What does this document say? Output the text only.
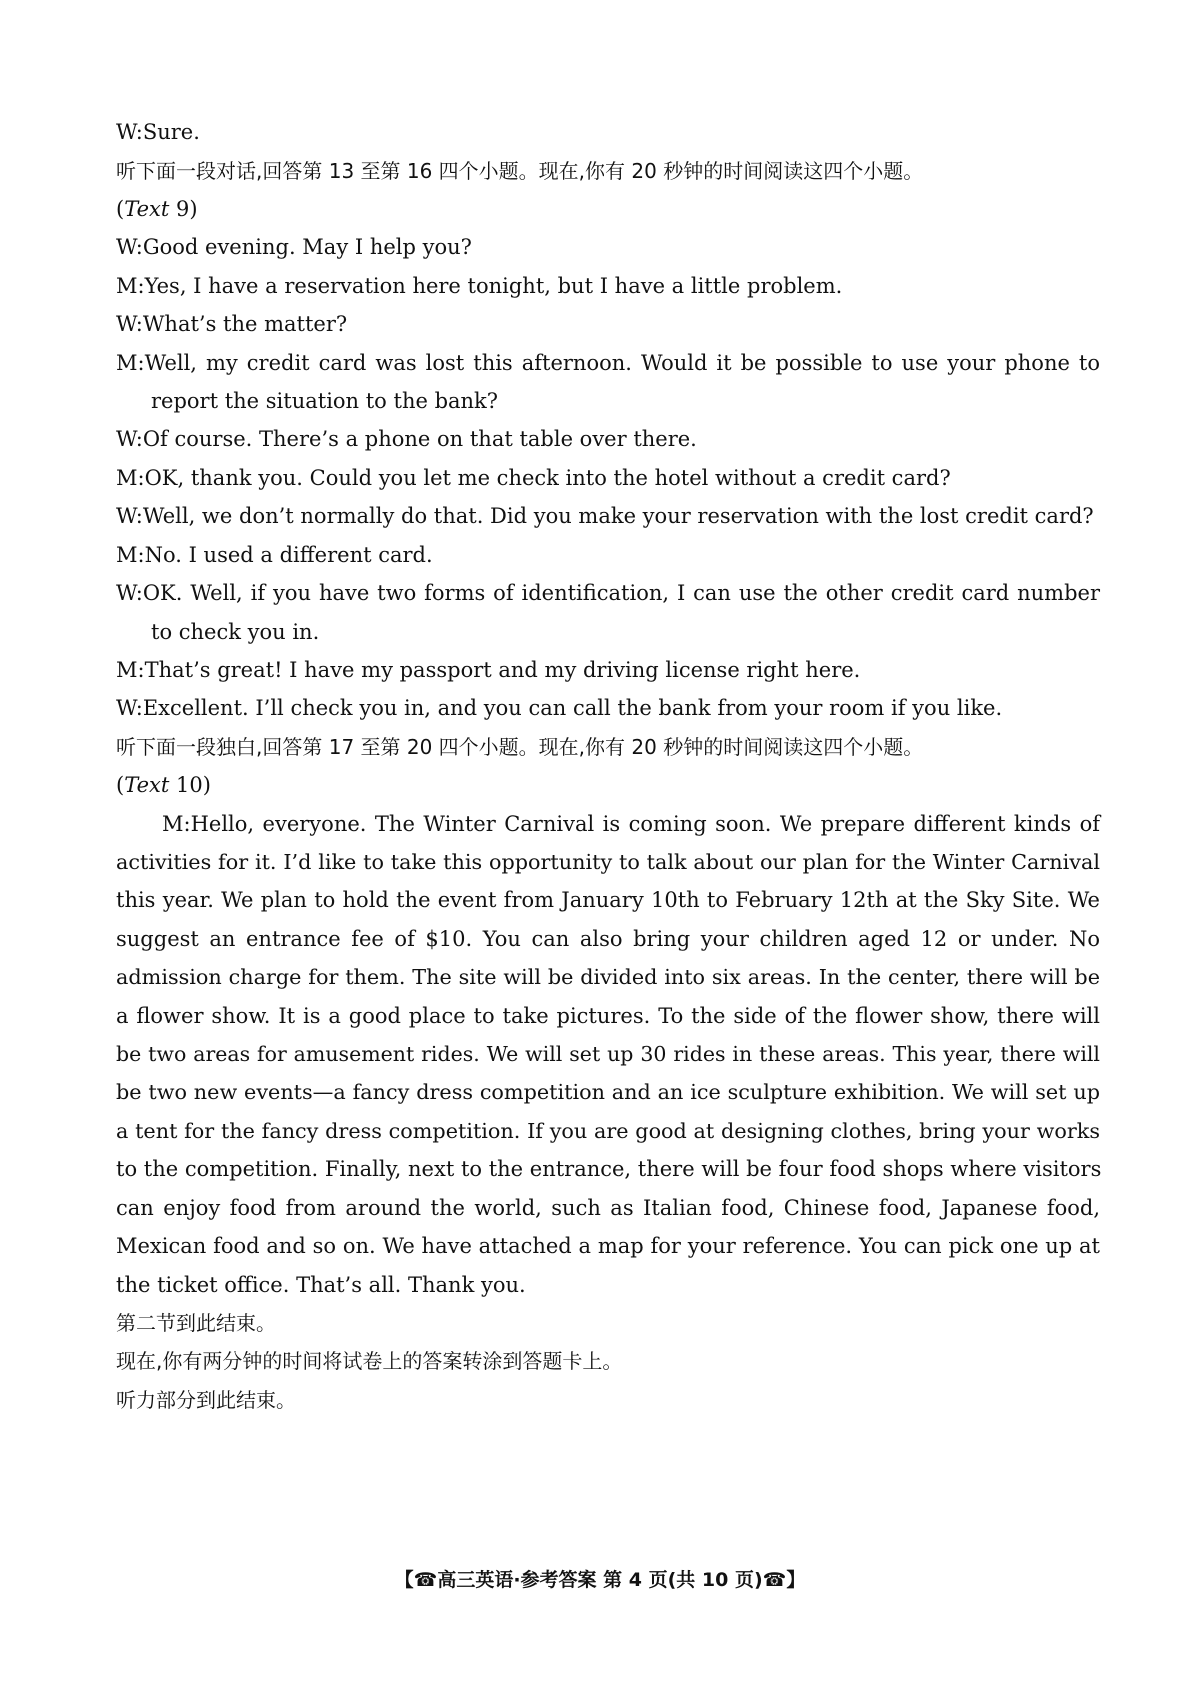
W:Sure.
听下面一段对话,回答第 13 至第 16 四个小题。现在,你有 20 秒钟的时间阅读这四个小题。
(Text 9)
W:Good evening. May I help you?
M:Yes, I have a reservation here tonight, but I have a little problem.
W:What’s the matter?
M:Well, my credit card was lost this afternoon. Would it be possible to use your phone to
report the situation to the bank?
W:Of course. There’s a phone on that table over there.
M:OK, thank you. Could you let me check into the hotel without a credit card?
W:Well, we don’t normally do that. Did you make your reservation with the lost credit card?
M:No. I used a different card.
W:OK. Well, if you have two forms of identification, I can use the other credit card number
to check you in.
M:That’s great! I have my passport and my driving license right here.
W:Excellent. I’ll check you in, and you can call the bank from your room if you like.
听下面一段独白,回答第 17 至第 20 四个小题。现在,你有 20 秒钟的时间阅读这四个小题。
(Text 10)
M:Hello, everyone. The Winter Carnival is coming soon. We prepare different kinds of
activities for it. I’d like to take this opportunity to talk about our plan for the Winter Carnival
this year. We plan to hold the event from January 10th to February 12th at the Sky Site. We
suggest an entrance fee of $10. You can also bring your children aged 12 or under. No
admission charge for them. The site will be divided into six areas. In the center, there will be
a flower show. It is a good place to take pictures. To the side of the flower show, there will
be two areas for amusement rides. We will set up 30 rides in these areas. This year, there will
be two new events—a fancy dress competition and an ice sculpture exhibition. We will set up
a tent for the fancy dress competition. If you are good at designing clothes, bring your works
to the competition. Finally, next to the entrance, there will be four food shops where visitors
can enjoy food from around the world, such as Italian food, Chinese food, Japanese food,
Mexican food and so on. We have attached a map for your reference. You can pick one up at
the ticket office. That’s all. Thank you.
第二节到此结束。
现在,你有两分钟的时间将试卷上的答案转涂到答题卡上。
听力部分到此结束。
【☎高三英语·参考答案 第 4 页(共 10 页)☎】
